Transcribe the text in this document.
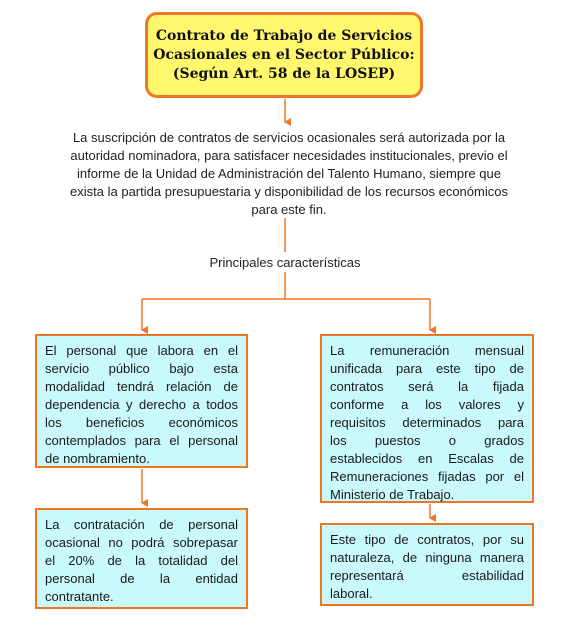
Contrato de Trabajo de Servicios
Ocasionales en el Sector Público:
(Según Art. 58 de la LOSEP)
La suscripción de contratos de servicios ocasionales será autorizada por la
autoridad nominadora, para satisfacer necesidades institucionales, previo el
informe de la Unidad de Administración del Talento Humano, siempre que
exista la partida presupuestaria y disponibilidad de los recursos económicos
para este fin.
Principales características
El personal que labora en el
servicio público bajo esta
modalidad tendrá relación de
dependencia y derecho a todos
los beneficios económicos
contemplados para el personal
de nombramiento.
La remuneración mensual
unificada para este tipo de
contratos será la fijada
conforme a los valores y
requisitos determinados para
los puestos o grados
establecidos en Escalas de
Remuneraciones fijadas por el
Ministerio de Trabajo.
La contratación de personal
ocasional no podrá sobrepasar
el 20% de la totalidad del
personal de la entidad
contratante.
Este tipo de contratos, por su
naturaleza, de ninguna manera
representará estabilidad
laboral.
